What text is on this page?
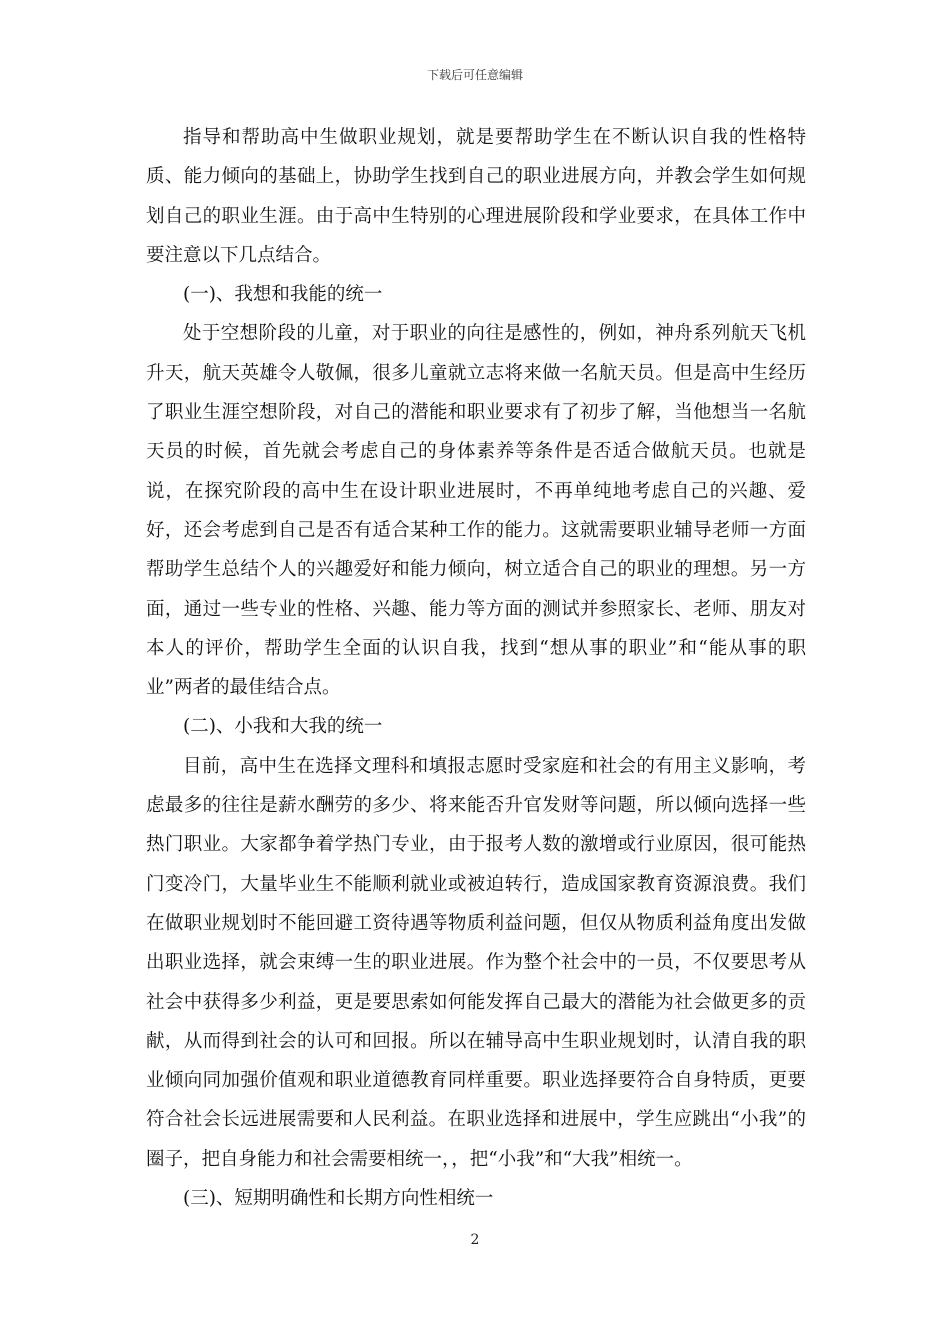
下载后可任意编辑

指导和帮助高中生做职业规划，就是要帮助学生在不断认识自我的性格特质、能力倾向的基础上，协助学生找到自己的职业进展方向，并教会学生如何规划自己的职业生涯。由于高中生特别的心理进展阶段和学业要求，在具体工作中要注意以下几点结合。

(一)、我想和我能的统一

处于空想阶段的儿童，对于职业的向往是感性的，例如，神舟系列航天飞机升天，航天英雄令人敬佩，很多儿童就立志将来做一名航天员。但是高中生经历了职业生涯空想阶段，对自己的潜能和职业要求有了初步了解，当他想当一名航天员的时候，首先就会考虑自己的身体素养等条件是否适合做航天员。也就是说，在探究阶段的高中生在设计职业进展时，不再单纯地考虑自己的兴趣、爱好，还会考虑到自己是否有适合某种工作的能力。这就需要职业辅导老师一方面帮助学生总结个人的兴趣爱好和能力倾向，树立适合自己的职业的理想。另一方面，通过一些专业的性格、兴趣、能力等方面的测试并参照家长、老师、朋友对本人的评价，帮助学生全面的认识自我，找到“想从事的职业”和“能从事的职业”两者的最佳结合点。

(二)、小我和大我的统一

目前，高中生在选择文理科和填报志愿时受家庭和社会的有用主义影响，考虑最多的往往是薪水酬劳的多少、将来能否升官发财等问题，所以倾向选择一些热门职业。大家都争着学热门专业，由于报考人数的激增或行业原因，很可能热门变冷门，大量毕业生不能顺利就业或被迫转行，造成国家教育资源浪费。我们在做职业规划时不能回避工资待遇等物质利益问题，但仅从物质利益角度出发做出职业选择，就会束缚一生的职业进展。作为整个社会中的一员，不仅要思考从社会中获得多少利益，更是要思索如何能发挥自己最大的潜能为社会做更多的贡献，从而得到社会的认可和回报。所以在辅导高中生职业规划时，认清自我的职业倾向同加强价值观和职业道德教育同样重要。职业选择要符合自身特质，更要符合社会长远进展需要和人民利益。在职业选择和进展中，学生应跳出“小我”的圈子，把自身能力和社会需要相统一，，把“小我”和“大我”相统一。

(三)、短期明确性和长期方向性相统一

2
